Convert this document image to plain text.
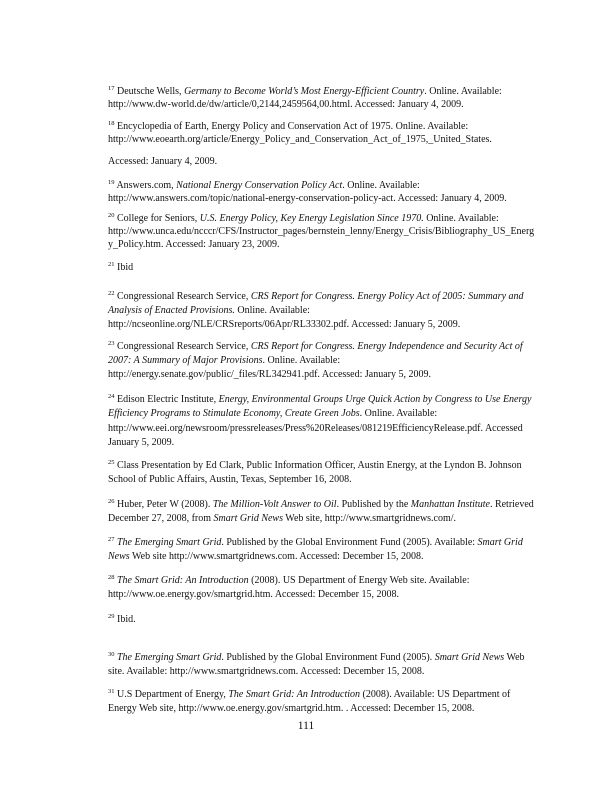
$^{17}$ Deutsche Wells, Germany to Become World’s Most Energy-Efficient Country. Online. Available:
http://www.dw-world.de/dw/article/0,2144,2459564,00.html. Accessed: January 4, 2009.
$^{18}$ Encyclopedia of Earth, Energy Policy and Conservation Act of 1975. Online. Available:
http://www.eoearth.org/article/Energy_Policy_and_Conservation_Act_of_1975,_United_States.
Accessed: January 4, 2009.
$^{19}$ Answers.com, National Energy Conservation Policy Act. Online. Available:
http://www.answers.com/topic/national-energy-conservation-policy-act. Accessed: January 4, 2009.
$^{20}$ College for Seniors, U.S. Energy Policy, Key Energy Legislation Since 1970. Online. Available:
http://www.unca.edu/ncccr/CFS/Instructor_pages/bernstein_lenny/Energy_Crisis/Bibliography_US_Energ
y_Policy.htm. Accessed: January 23, 2009.
$^{21}$ Ibid
$^{22}$ Congressional Research Service, CRS Report for Congress. Energy Policy Act of 2005: Summary and
Analysis of Enacted Provisions. Online. Available:
http://ncseonline.org/NLE/CRSreports/06Apr/RL33302.pdf. Accessed: January 5, 2009.
$^{23}$ Congressional Research Service, CRS Report for Congress. Energy Independence and Security Act of
2007: A Summary of Major Provisions. Online. Available:
http://energy.senate.gov/public/_files/RL342941.pdf. Accessed: January 5, 2009.
$^{24}$ Edison Electric Institute, Energy, Environmental Groups Urge Quick Action by Congress to Use Energy
Efficiency Programs to Stimulate Economy, Create Green Jobs. Online. Available:
http://www.eei.org/newsroom/pressreleases/Press%20Releases/081219EfficiencyRelease.pdf. Accessed
January 5, 2009.
$^{25}$ Class Presentation by Ed Clark, Public Information Officer, Austin Energy, at the Lyndon B. Johnson
School of Public Affairs, Austin, Texas, September 16, 2008.
$^{26}$ Huber, Peter W (2008). The Million-Volt Answer to Oil. Published by the Manhattan Institute. Retrieved
December 27, 2008, from Smart Grid News Web site, http://www.smartgridnews.com/.
$^{27}$ The Emerging Smart Grid. Published by the Global Environment Fund (2005). Available: Smart Grid
News Web site http://www.smartgridnews.com. Accessed: December 15, 2008.
$^{28}$ The Smart Grid: An Introduction (2008). US Department of Energy Web site. Available:
http://www.oe.energy.gov/smartgrid.htm. Accessed: December 15, 2008.
$^{29}$ Ibid.
$^{30}$ The Emerging Smart Grid. Published by the Global Environment Fund (2005). Smart Grid News Web
site. Available: http://www.smartgridnews.com. Accessed: December 15, 2008.
$^{31}$ U.S Department of Energy, The Smart Grid: An Introduction (2008). Available: US Department of
Energy Web site, http://www.oe.energy.gov/smartgrid.htm. . Accessed: December 15, 2008.
111
